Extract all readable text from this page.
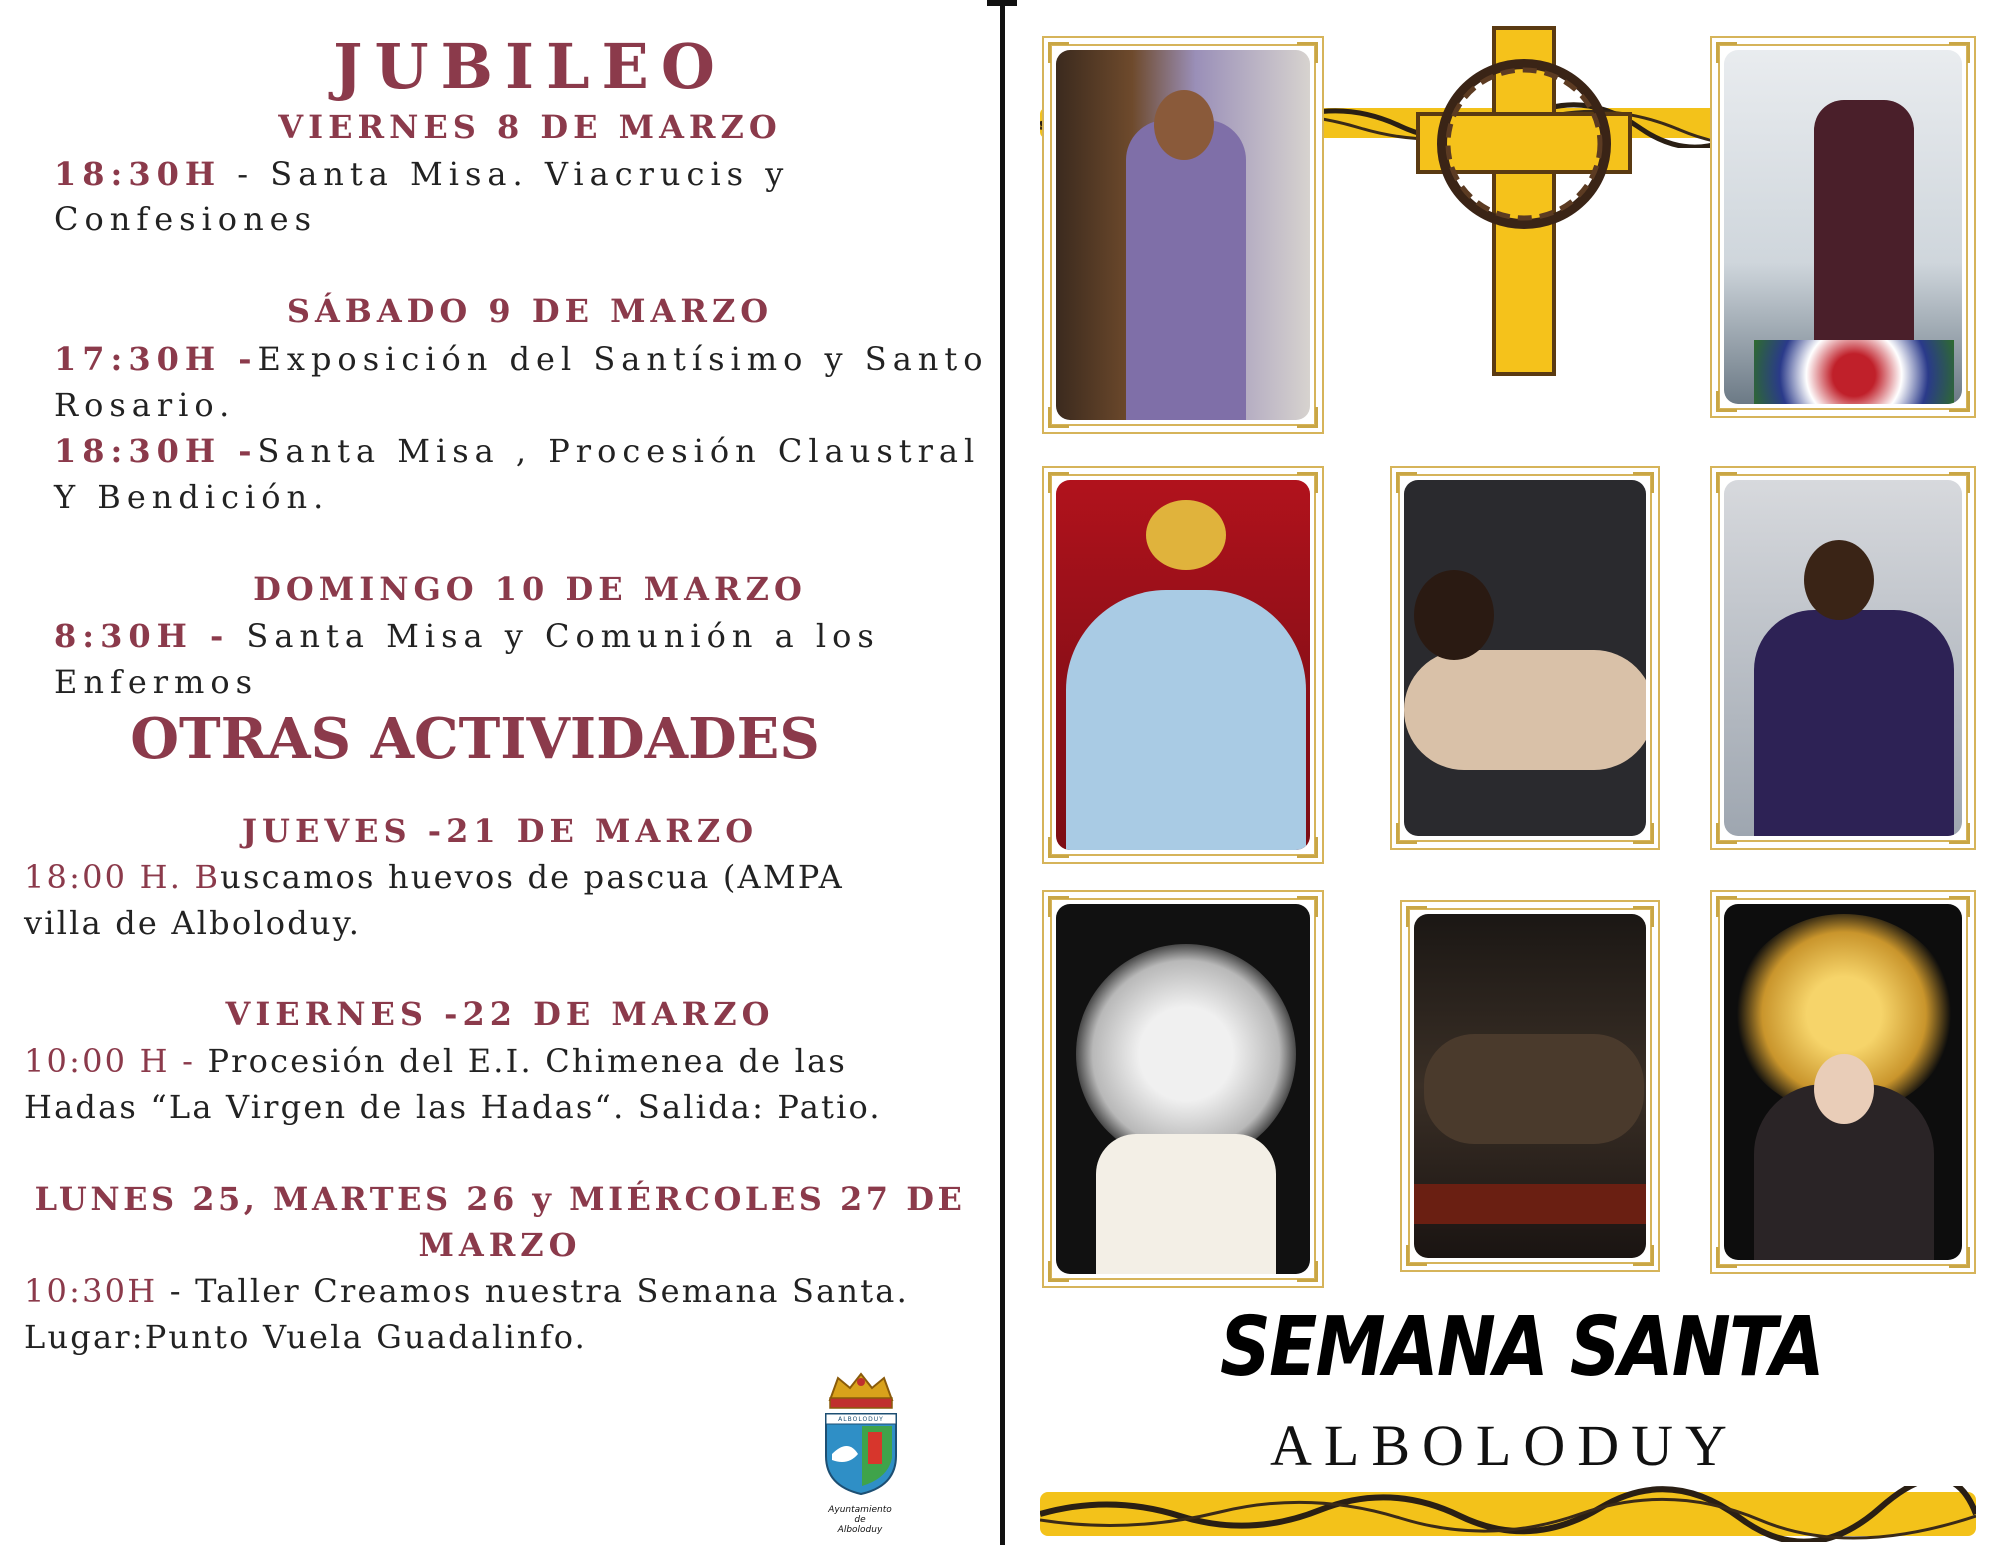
JUBILEO
VIERNES 8 DE MARZO
18:30H - Santa Misa. Viacrucis y
Confesiones
SÁBADO 9 DE MARZO
17:30H -Exposición del Santísimo y Santo
Rosario.
18:30H -Santa Misa , Procesión Claustral
Y Bendición.
DOMINGO 10 DE MARZO
8:30H - Santa Misa y Comunión a los
Enfermos
OTRAS ACTIVIDADES
JUEVES -21 DE MARZO
18:00 H. Buscamos huevos de pascua (AMPA
villa de Alboloduy.
VIERNES -22 DE MARZO
10:00 H - Procesión del E.I. Chimenea de las
Hadas “La Virgen de las Hadas“. Salida: Patio.
LUNES 25, MARTES 26 y MIÉRCOLES 27 DE
MARZO
10:30H - Taller Creamos nuestra Semana Santa.
Lugar:Punto Vuela Guadalinfo.
ALBOLODUY
Ayuntamiento
de
Alboloduy
SEMANA SANTA
ALBOLODUY
